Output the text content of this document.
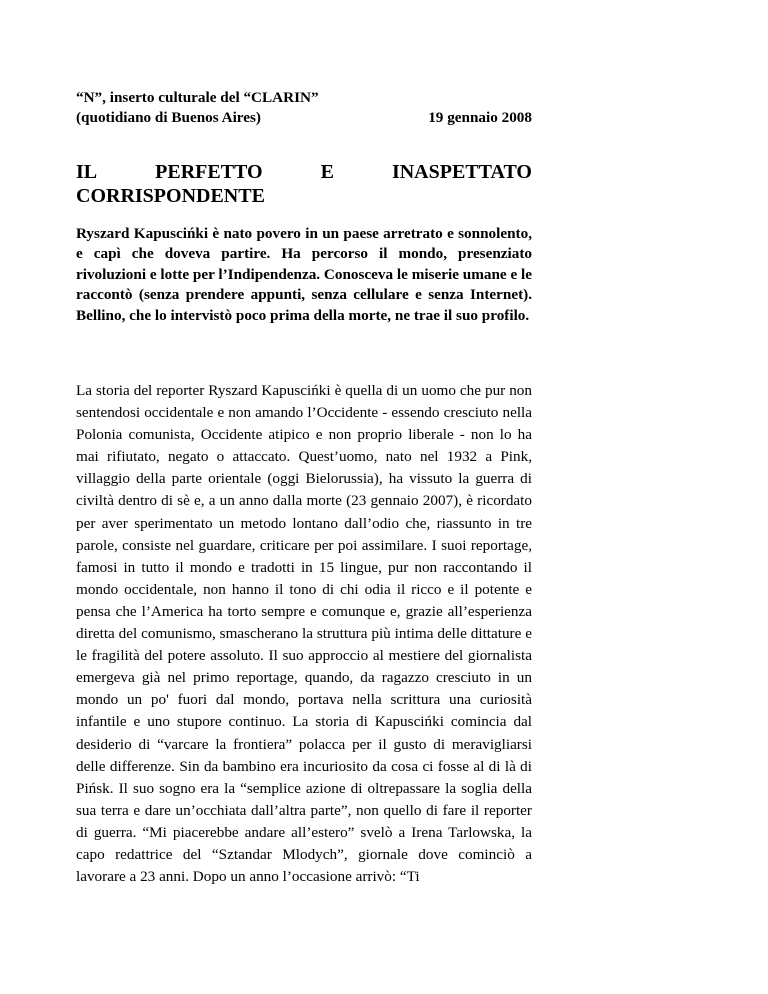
“N”, inserto culturale del “CLARIN”
(quotidiano di Buenos Aires)	19 gennaio 2008
IL	PERFETTO	E	INASPETTATO
CORRISPONDENTE

Ryszard Kapuscińki è nato povero in un paese arretrato e sonnolento, e capì che doveva partire. Ha percorso il mondo, presenziato rivoluzioni e lotte per l’Indipendenza. Conosceva le miserie umane e le raccontò (senza prendere appunti, senza cellulare e senza Internet). Bellino, che lo intervistò poco prima della morte, ne trae il suo profilo.

La storia del reporter Ryszard Kapuscińki è quella di un uomo che pur non sentendosi occidentale e non amando l’Occidente - essendo cresciuto nella Polonia comunista, Occidente atipico e non proprio liberale - non lo ha mai rifiutato, negato o attaccato. Quest’uomo, nato nel 1932 a Pink, villaggio della parte orientale (oggi Bielorussia), ha vissuto la guerra di civiltà dentro di sè e, a un anno dalla morte (23 gennaio 2007), è ricordato per aver sperimentato un metodo lontano dall’odio che, riassunto in tre parole, consiste nel guardare, criticare per poi assimilare. I suoi reportage, famosi in tutto il mondo e tradotti in 15 lingue, pur non raccontando il mondo occidentale, non hanno il tono di chi odia il ricco e il potente e pensa che l’America ha torto sempre e comunque e, grazie all’esperienza diretta del comunismo, smascherano la struttura più intima delle dittature e le fragilità del potere assoluto. Il suo approccio al mestiere del giornalista emergeva già nel primo reportage, quando, da ragazzo cresciuto in un mondo un po' fuori dal mondo, portava nella scrittura una curiosità infantile e uno stupore continuo. La storia di Kapuscińki comincia dal desiderio di “varcare la frontiera” polacca per il gusto di meravigliarsi delle differenze. Sin da bambino era incuriosito da cosa ci fosse al di là di Pińsk. Il suo sogno era la “semplice azione di oltrepassare la soglia della sua terra e dare un’occhiata dall’altra parte”, non quello di fare il reporter di guerra. “Mi piacerebbe andare all’estero” svelò a Irena Tarlowska, la capo redattrice del “Sztandar Mlodych”, giornale dove cominciò a lavorare a 23 anni. Dopo un anno l’occasione arrivò: “Ti
